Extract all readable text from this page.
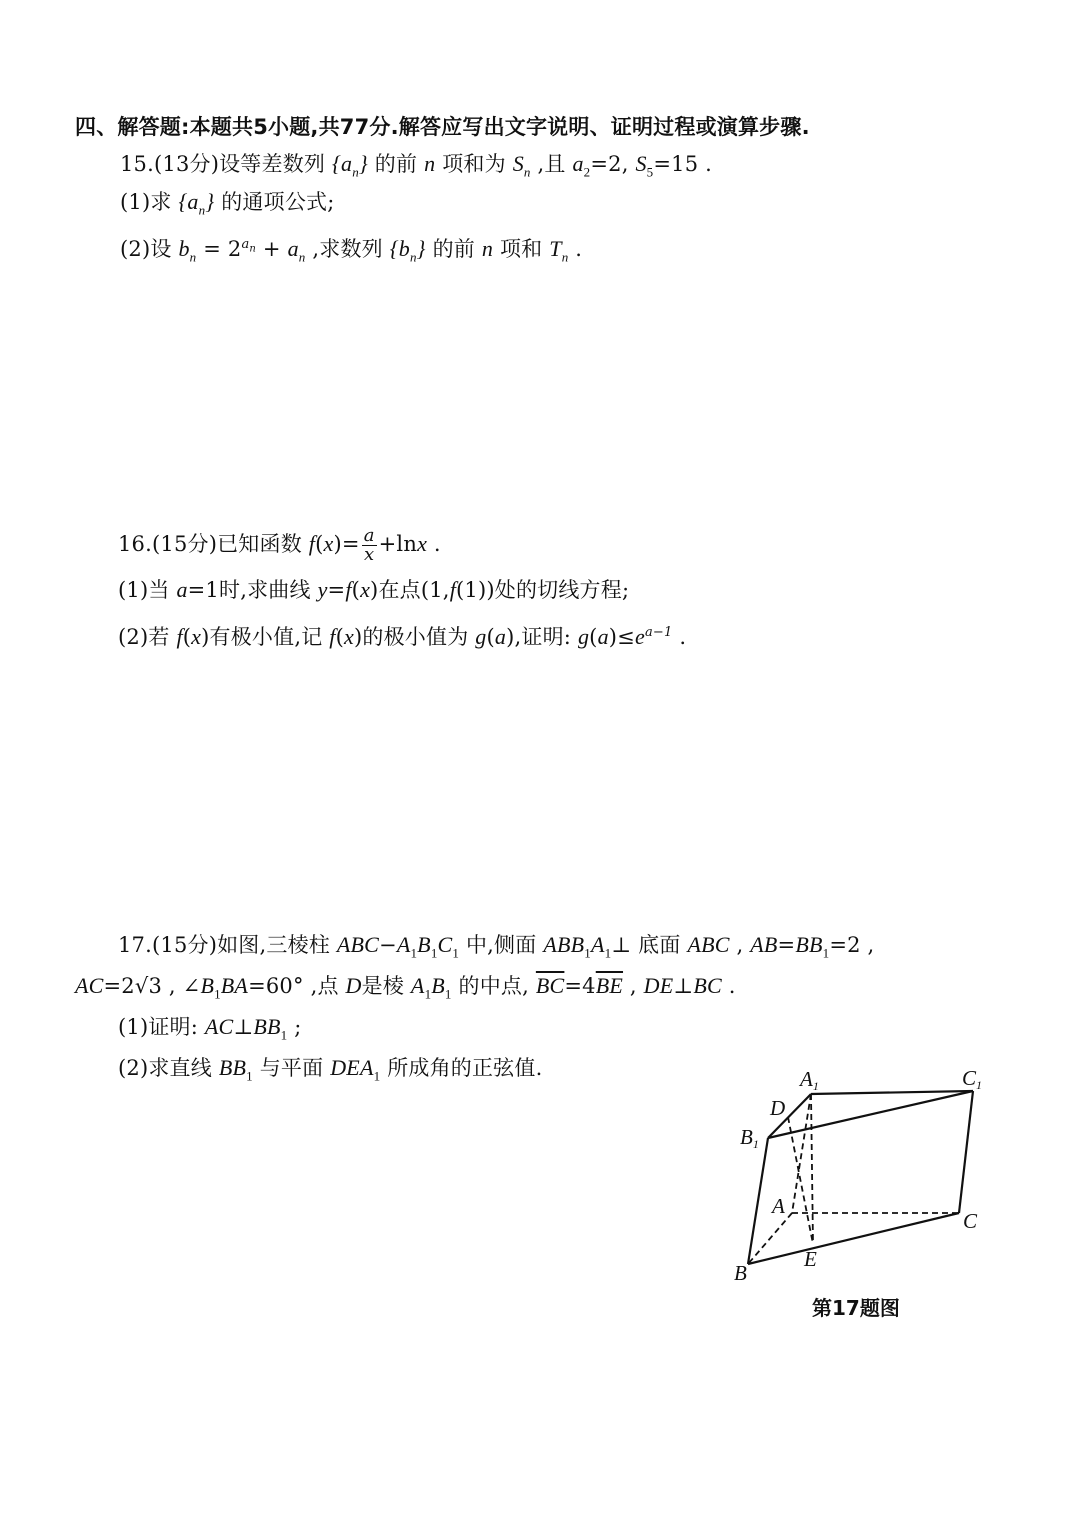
四、解答题:本题共5小题,共77分.解答应写出文字说明、证明过程或演算步骤.
15.(13分)设等差数列 $\{a_n\}$ 的前 n 项和为 $S_n$ ,且 $a_2=2$, $S_5=15$ .
(1)求 $\{a_n\}$ 的通项公式;
(2)设 $b_n = 2^{a_n} + a_n$ ,求数列 $\{b_n\}$ 的前 n 项和 $T_n$ .
16.(15分)已知函数 $f(x)= \frac{a}{x} +\ln x$ .
(1)当 a=1时,求曲线 y=f(x)在点(1,f(1))处的切线方程;
(2)若 f(x)有极小值,记 f(x)的极小值为 g(a),证明: $g(a)\le e^{a-1}$ .
17.(15分)如图,三棱柱 $ABC-A_1B_1C_1$ 中,侧面 $ABB_1A_1\perp$ 底面 ABC , $AB=BB_1=2$ ,
AC=2√3 , $\angle B_1BA=60^\circ$ ,点 D是棱 $A_1B_1$ 的中点, $\overline{BC}=4\overline{BE}$ , DE⊥BC .
(1)证明: $AC\perp BB_1$ ;
(2)求直线 $BB_1$ 与平面 $DEA_1$ 所成角的正弦值.	A1	C1
D
B1
A
C
B
E
第17题图
